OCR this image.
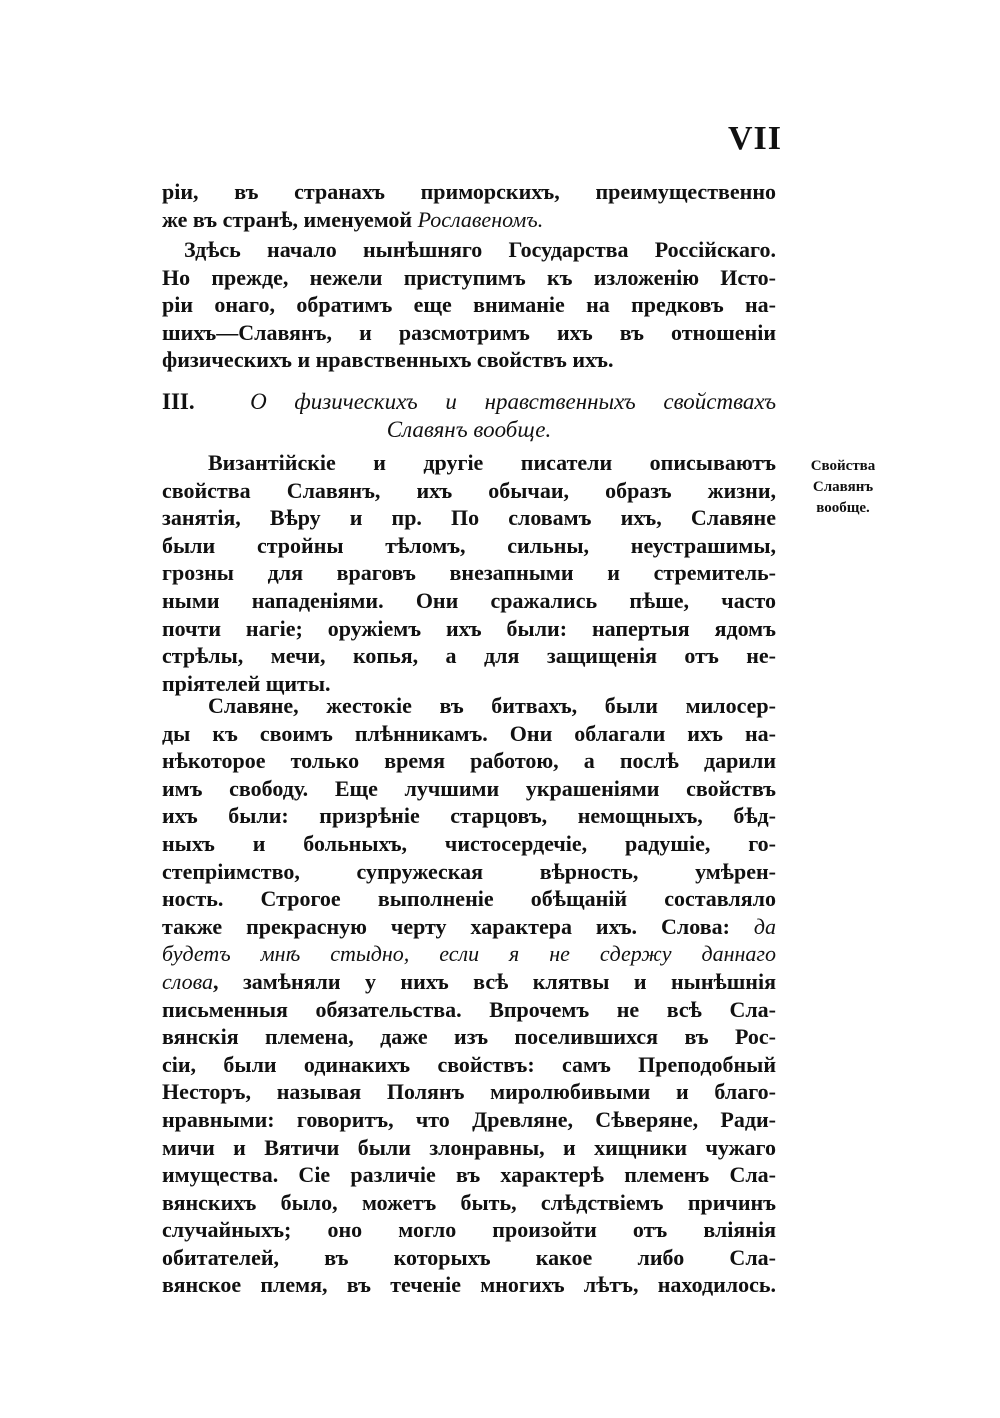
VII
ріи, въ странахъ приморскихъ, преимущественно
же въ странѣ, именуемой Рославеномъ.
Здѣсь начало нынѣшняго Государства Россійскаго.
Но прежде, нежели приступимъ къ изложенію Исто-
ріи онаго, обратимъ еще вниманіе на предковъ на-
шихъ—Славянъ, и разсмотримъ ихъ въ отношеніи
физическихъ и нравственныхъ свойствъ ихъ.
III. О физическихъ и нравственныхъ свойствахъ
Славянъ вообще.
Свойства
Славянъ
вообще.
Византійскіе и другіе писатели описываютъ
свойства Славянъ, ихъ обычаи, образъ жизни,
занятія, Вѣру и пр. По словамъ ихъ, Славяне
были стройны тѣломъ, сильны, неустрашимы,
грозны для враговъ внезапными и стремитель-
ными нападеніями. Они сражались пѣше, часто
почти нагіе; оружіемъ ихъ были: напертыя ядомъ
стрѣлы, мечи, копья, а для защищенія отъ не-
пріятелей щиты.
Славяне, жестокіе въ битвахъ, были милосер-
ды къ своимъ плѣнникамъ. Они облагали ихъ на-
нѣкоторое только время работою, а послѣ дарили
имъ свободу. Еще лучшими украшеніями свойствъ
ихъ были: призрѣніе старцовъ, немощныхъ, бѣд-
ныхъ и больныхъ, чистосердечіе, радушіе, го-
степріимство, супружеская вѣрность, умѣрен-
ность. Строгое выполненіе обѣщаній составляло
также прекрасную черту характера ихъ. Слова: да
будетъ мнѣ стыдно, если я не сдержу даннаго
слова, замѣняли у нихъ всѣ клятвы и нынѣшнія
письменныя обязательства. Впрочемъ не всѣ Сла-
вянскія племена, даже изъ поселившихся въ Рос-
сіи, были одинакихъ свойствъ: самъ Преподобный
Несторъ, называя Полянъ миролюбивыми и благо-
нравными: говоритъ, что Древляне, Сѣверяне, Ради-
мичи и Вятичи были злонравны, и хищники чужаго
имущества. Сіе различіе въ характерѣ племенъ Сла-
вянскихъ было, можетъ быть, слѣдствіемъ причинъ
случайныхъ; оно могло произойти отъ вліянія
обитателей, въ которыхъ какое либо Сла-
вянское племя, въ теченіе многихъ лѣтъ, находилось.
